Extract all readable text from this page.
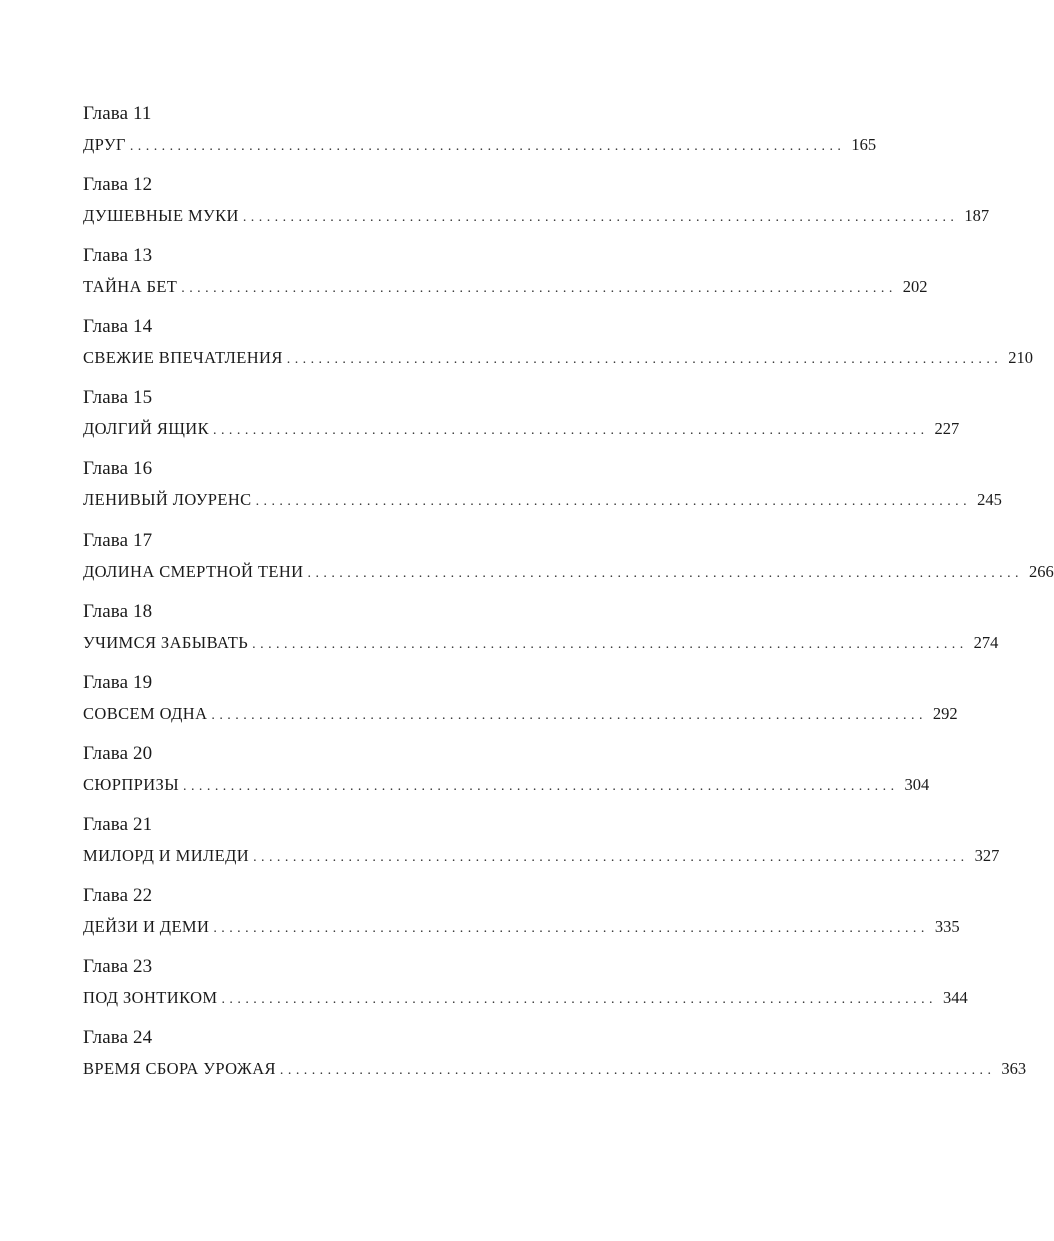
Глава 11
ДРУГ .......................................................................................... 165
Глава 12
ДУШЕВНЫЕ МУКИ .......................................................................................... 187
Глава 13
ТАЙНА БЕТ .......................................................................................... 202
Глава 14
СВЕЖИЕ ВПЕЧАТЛЕНИЯ .......................................................................................... 210
Глава 15
ДОЛГИЙ ЯЩИК .......................................................................................... 227
Глава 16
ЛЕНИВЫЙ ЛОУРЕНС .......................................................................................... 245
Глава 17
ДОЛИНА СМЕРТНОЙ ТЕНИ .......................................................................................... 266
Глава 18
УЧИМСЯ ЗАБЫВАТЬ .......................................................................................... 274
Глава 19
СОВСЕМ ОДНА .......................................................................................... 292
Глава 20
СЮРПРИЗЫ .......................................................................................... 304
Глава 21
МИЛОРД И МИЛЕДИ .......................................................................................... 327
Глава 22
ДЕЙЗИ И ДЕМИ .......................................................................................... 335
Глава 23
ПОД ЗОНТИКОМ .......................................................................................... 344
Глава 24
ВРЕМЯ СБОРА УРОЖАЯ .......................................................................................... 363
